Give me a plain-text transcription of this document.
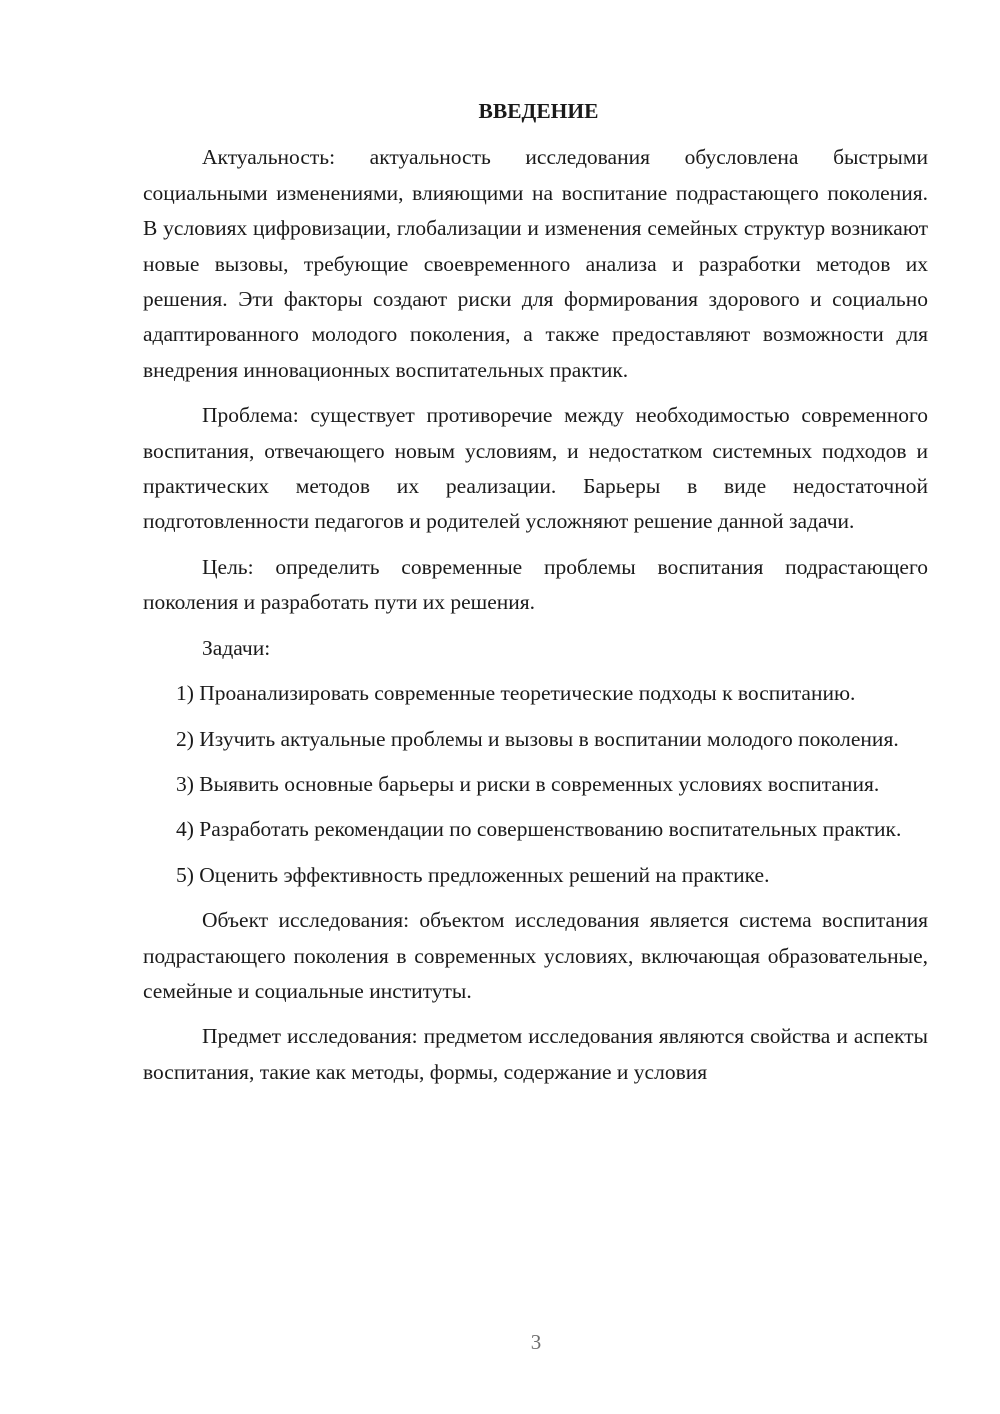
ВВЕДЕНИЕ

Актуальность: актуальность исследования обусловлена быстрыми социальными изменениями, влияющими на воспитание подрастающего поколения. В условиях цифровизации, глобализации и изменения семейных структур возникают новые вызовы, требующие своевременного анализа и разработки методов их решения. Эти факторы создают риски для формирования здорового и социально адаптированного молодого поколения, а также предоставляют возможности для внедрения инновационных воспитательных практик.

Проблема: существует противоречие между необходимостью современного воспитания, отвечающего новым условиям, и недостатком системных подходов и практических методов их реализации. Барьеры в виде недостаточной подготовленности педагогов и родителей усложняют решение данной задачи.

Цель: определить современные проблемы воспитания подрастающего поколения и разработать пути их решения.

Задачи:

1) Проанализировать современные теоретические подходы к воспитанию.

2) Изучить актуальные проблемы и вызовы в воспитании молодого поколения.

3) Выявить основные барьеры и риски в современных условиях воспитания.

4) Разработать рекомендации по совершенствованию воспитательных практик.

5) Оценить эффективность предложенных решений на практике.

Объект исследования: объектом исследования является система воспитания подрастающего поколения в современных условиях, включающая образовательные, семейные и социальные институты.

Предмет исследования: предметом исследования являются свойства и аспекты воспитания, такие как методы, формы, содержание и условия

3
